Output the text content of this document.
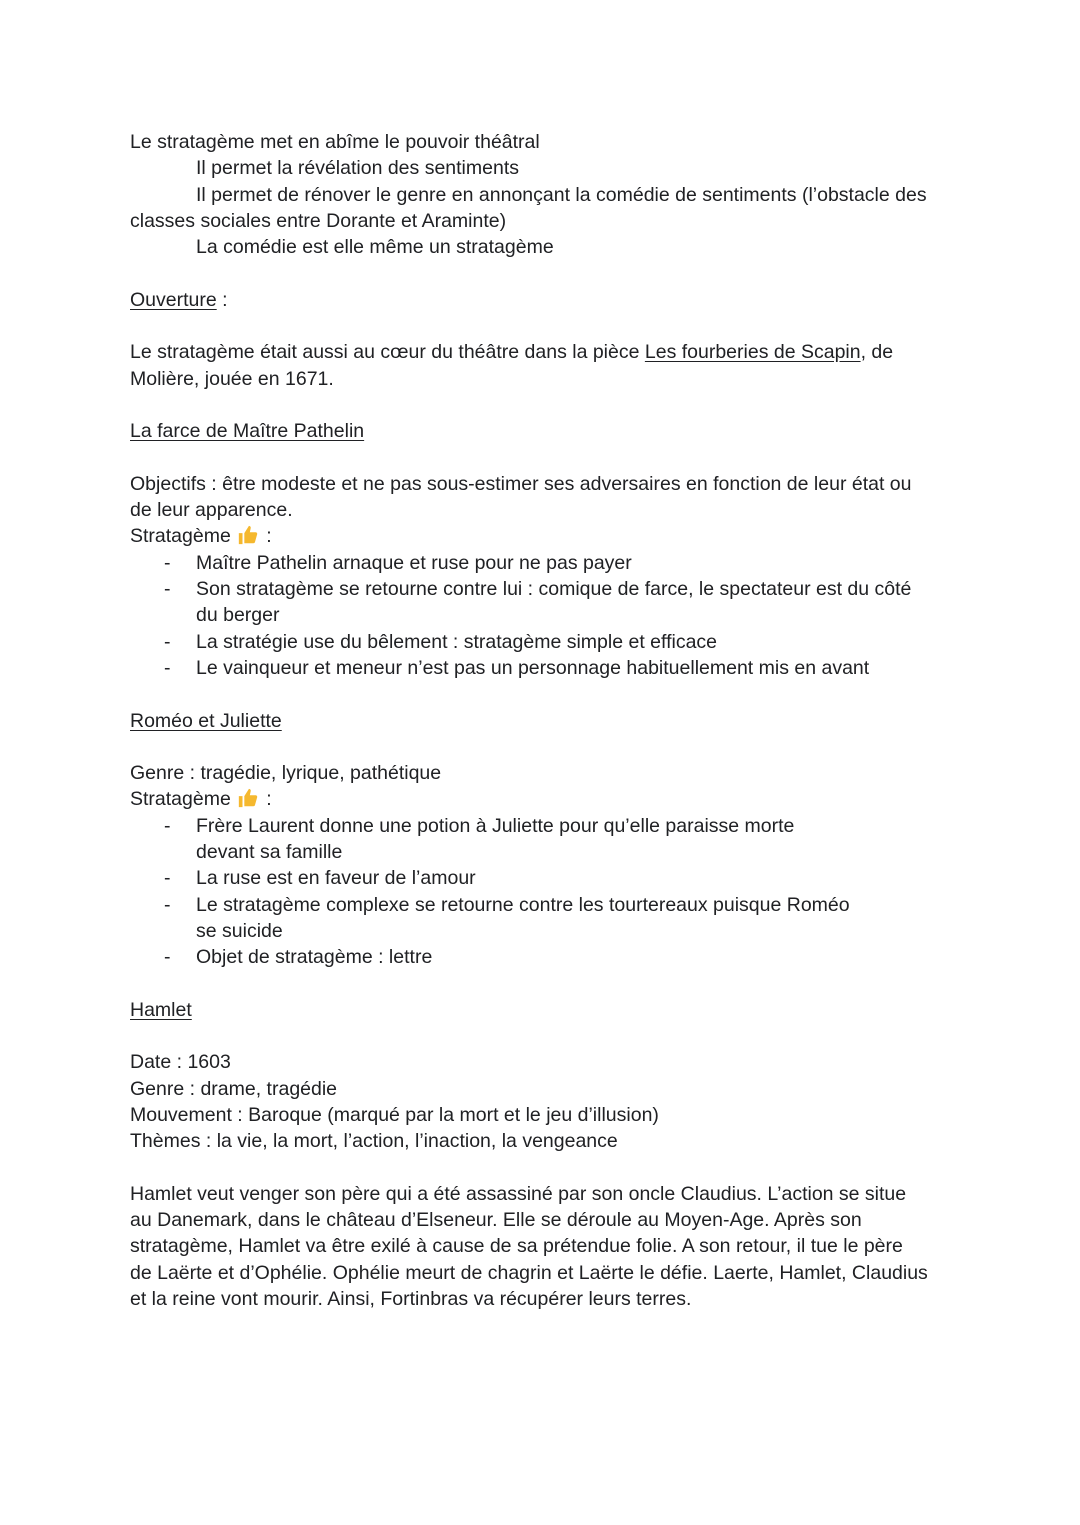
Le stratagème met en abîme le pouvoir théâtral

Il permet la révélation des sentiments

Il permet de rénover le genre en annonçant la comédie de sentiments (l’obstacle des

classes sociales entre Dorante et Araminte)

La comédie est elle même un stratagème

Ouverture :

Le stratagème était aussi au cœur du théâtre dans la pièce Les fourberies de Scapin, de

Molière, jouée en 1671.

La farce de Maître Pathelin

Objectifs : être modeste et ne pas sous-estimer ses adversaires en fonction de leur état ou

de leur apparence.

Stratagème :

- Maître Pathelin arnaque et ruse pour ne pas payer
- Son stratagème se retourne contre lui : comique de farce, le spectateur est du côté du berger
- La stratégie use du bêlement : stratagème simple et efficace
- Le vainqueur et meneur n’est pas un personnage habituellement mis en avant

Roméo et Juliette

Genre : tragédie, lyrique, pathétique

Stratagème :

- Frère Laurent donne une potion à Juliette pour qu’elle paraisse morte devant sa famille
- La ruse est en faveur de l’amour
- Le stratagème complexe se retourne contre les tourtereaux puisque Roméo se suicide
- Objet de stratagème : lettre

Hamlet

Date : 1603

Genre : drame, tragédie

Mouvement : Baroque (marqué par la mort et le jeu d’illusion)

Thèmes : la vie, la mort, l’action, l’inaction, la vengeance

Hamlet veut venger son père qui a été assassiné par son oncle Claudius. L’action se situe

au Danemark, dans le château d’Elseneur. Elle se déroule au Moyen-Age. Après son

stratagème, Hamlet va être exilé à cause de sa prétendue folie. A son retour, il tue le père

de Laërte et d’Ophélie. Ophélie meurt de chagrin et Laërte le défie. Laerte, Hamlet, Claudius

et la reine vont mourir. Ainsi, Fortinbras va récupérer leurs terres.
